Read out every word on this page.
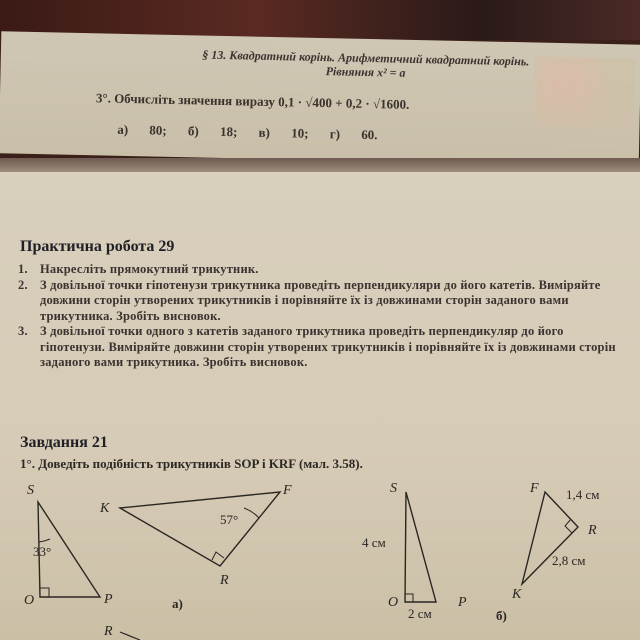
§ 13. Квадратний корінь. Арифметичний квадратний корінь.
Рівняння x² = a
3°. Обчисліть значення виразу 0,1 · √400 + 0,2 · √1600.
а) 80; б) 18; в) 10; г) 60.
Практична робота 29
1. Накресліть прямокутний трикутник.
2. З довільної точки гіпотенузи трикутника проведіть перпендикуляри до його катетів. Виміряйте довжини сторін утворених трикутників і порівняйте їх із довжинами сторін заданого вами трикутника. Зробіть висновок.
3. З довільної точки одного з катетів заданого трикутника проведіть перпендикуляр до його гіпотенузи. Виміряйте довжини сторін утворених трикутників і порівняйте їх із довжинами сторін заданого вами трикутника. Зробіть висновок.
Завдання 21
1°. Доведіть подібність трикутників SOP і KRF (мал. 3.58).
S
O	P
K
F
R
S
O	P
F
R
K
R
33°
57°
4 см
2 см
1,4 см
2,8 см
а)
б)
